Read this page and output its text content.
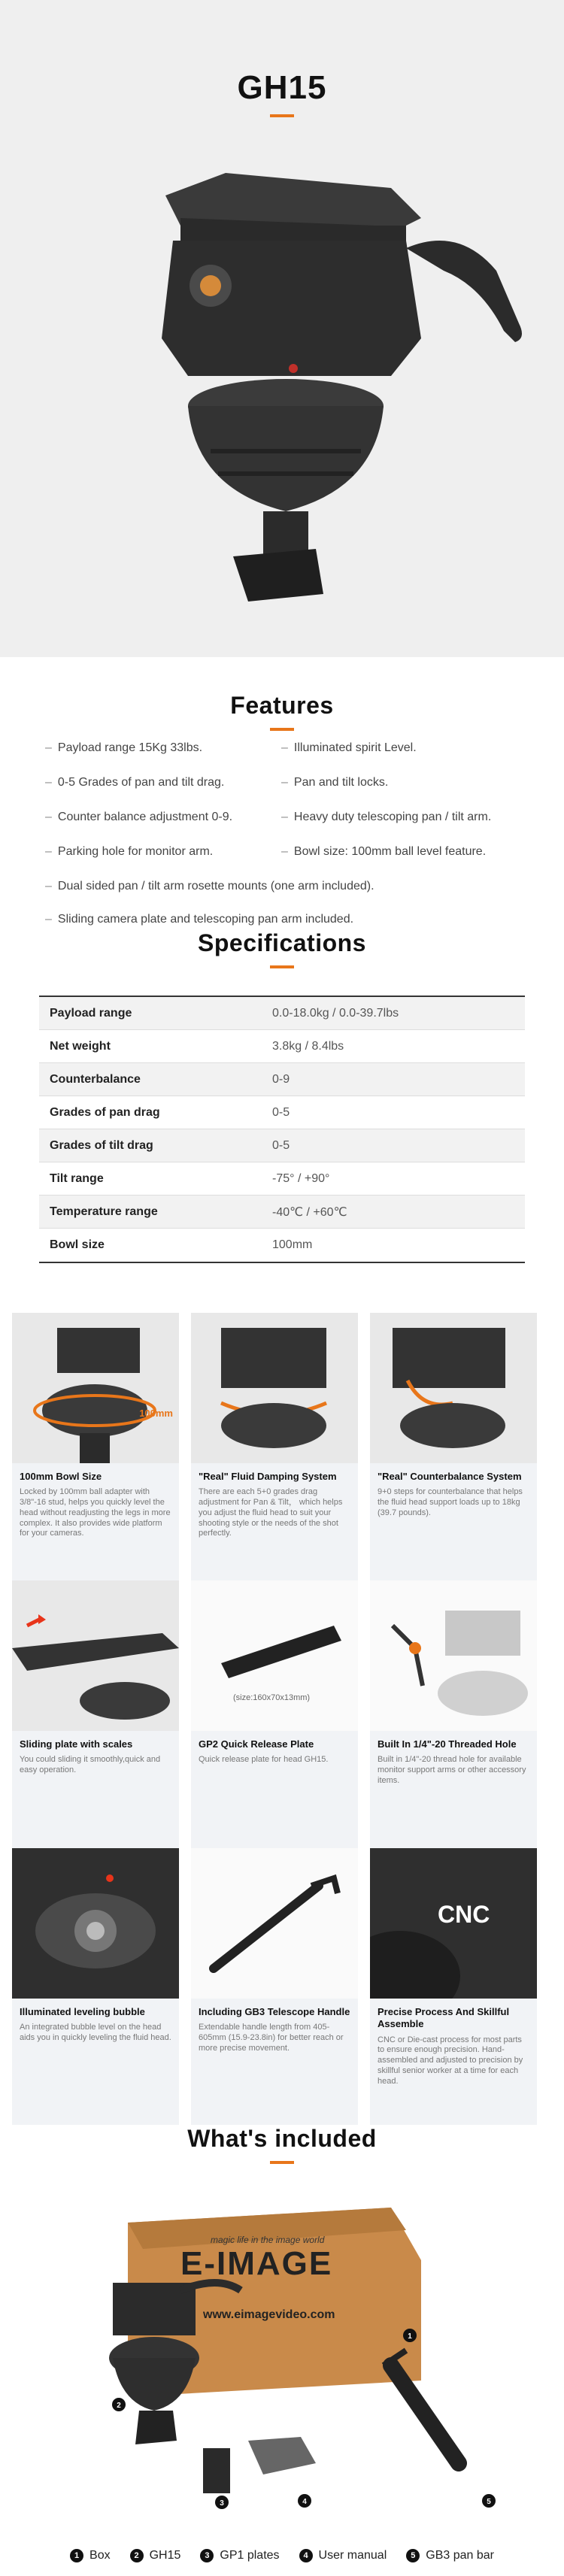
GH15
Features
– Payload range 15Kg 33lbs.
– 0-5 Grades of pan and tilt drag.
– Counter balance adjustment 0-9.
– Parking hole for monitor arm.
– Illuminated spirit Level.
– Pan and tilt locks.
– Heavy duty telescoping pan / tilt arm.
– Bowl size: 100mm ball level feature.
– Dual sided pan / tilt arm rosette mounts (one arm included).
– Sliding camera plate and telescoping pan arm included.
Specifications
Payload range	0.0-18.0kg / 0.0-39.7lbs
Net weight	3.8kg / 8.4lbs
Counterbalance	0-9
Grades of pan drag	0-5
Grades of tilt drag	0-5
Tilt range	-75° / +90°
Temperature range	-40℃ / +60℃
Bowl size	100mm
100mm
100mm Bowl Size
Locked by 100mm ball adapter with 3/8"-16 stud, helps you quickly level the head without readjusting the legs in more complex. It also provides wide platform for your cameras.
"Real" Fluid Damping System
There are each 5+0 grades drag adjustment for Pan & Tilt， which helps you adjust the fluid head to suit your shooting style or the needs of the shot perfectly.
"Real" Counterbalance System
9+0 steps for counterbalance that helps the fluid head support loads up to 18kg (39.7 pounds).
Sliding plate with scales
You could sliding it smoothly,quick and easy operation.
(size:160x70x13mm)
GP2 Quick Release Plate
Quick release plate for head GH15.
Built In 1/4"-20 Threaded Hole
Built in 1/4"-20 thread hole for available monitor support arms or other accessory items.
Illuminated leveling bubble
An integrated bubble level on the head aids you in quickly leveling the fluid head.
Including GB3 Telescope Handle
Extendable handle length from 405-605mm (15.9-23.8in) for better reach or more precise movement.
CNC
Precise Process And Skillful Assemble
CNC or Die-cast process for most parts to ensure enough precision. Hand-assembled and adjusted to precision by skillful senior worker at a time for each head.
What's included
1
2
3	4	5
magic life in the image world
E-IMAGE
www.eimagevideo.com
1 Box	2 GH15	3 GP1 plates	4 User manual	5 GB3 pan bar
